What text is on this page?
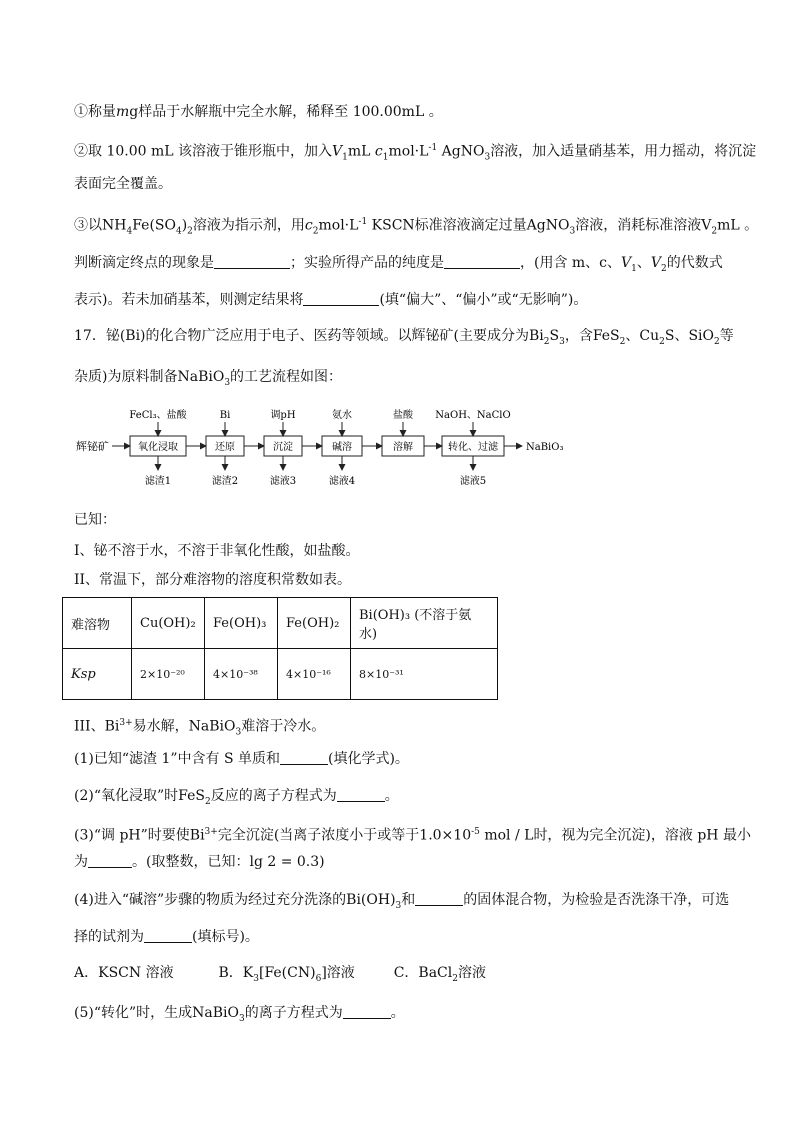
①称量mg样品于水解瓶中完全水解，稀释至 100.00mL 。
②取 10.00 mL 该溶液于锥形瓶中，加入$V_1mL$ $c_1mol\cdot L^{-1}$ AgNO$_3$溶液，加入适量硝基苯，用力摇动，将沉淀
表面完全覆盖。
③以$NH_4Fe(SO_4)_2$溶液为指示剂，用$c_2mol\cdot L^{-1}$ KSCN标准溶液滴定过量AgNO$_3$溶液，消耗标准溶液$V_2mL$ 。
判断滴定终点的现象是	；实验所得产品的纯度是	，(用含 m、c、$V_1$、$V_2$的代数式
表示)。若未加硝基苯，则测定结果将	(填“偏大”、“偏小”或“无影响”)。
17．铋(Bi)的化合物广泛应用于电子、医药等领域。以辉铋矿(主要成分为$Bi_2S_3$，含FeS$_2$、$Cu_2S$、SiO$_2$等
杂质)为原料制备NaBiO$_3$的工艺流程如图：
辉铋矿	氧化浸取	还原	沉淀	碱溶	溶解	转化、过滤
FeCl₃、盐酸	Bi	调pH	氨水	盐酸 NaOH、NaClO
滤渣1	滤渣2	滤液3	滤液4	滤液5
NaBiO₃
已知：
I、铋不溶于水，不溶于非氧化性酸，如盐酸。
II、常温下，部分难溶物的溶度积常数如表。
难溶物	Cu(OH)₂	Fe(OH)₃	Fe(OH)₂	Bi(OH)₃ (不溶于氨水)
Ksp	2×10⁻²⁰	4×10⁻³⁸	4×10⁻¹⁶	8×10⁻³¹
III、$Bi^{3+}$易水解，NaBiO$_3$难溶于冷水。
(1)已知“滤渣 1”中含有 S 单质和	(填化学式)。
(2)“氧化浸取”时FeS$_2$反应的离子方程式为	。
(3)“调 pH”时要使$Bi^{3+}$完全沉淀(当离子浓度小于或等于$1.0\times 10^{-5}$ mol / L时，视为完全沉淀)，溶液 pH 最小
为	。(取整数，已知：lg 2 = 0.3)
(4)进入“碱溶”步骤的物质为经过充分洗涤的$Bi(OH)_3$和	的固体混合物，为检验是否洗涤干净，可选
择的试剂为	(填标号)。
A．KSCN 溶液	B．$K_3[Fe(CN)_6]$溶液	C．BaCl$_2$溶液
(5)“转化”时，生成NaBiO$_3$的离子方程式为	。
